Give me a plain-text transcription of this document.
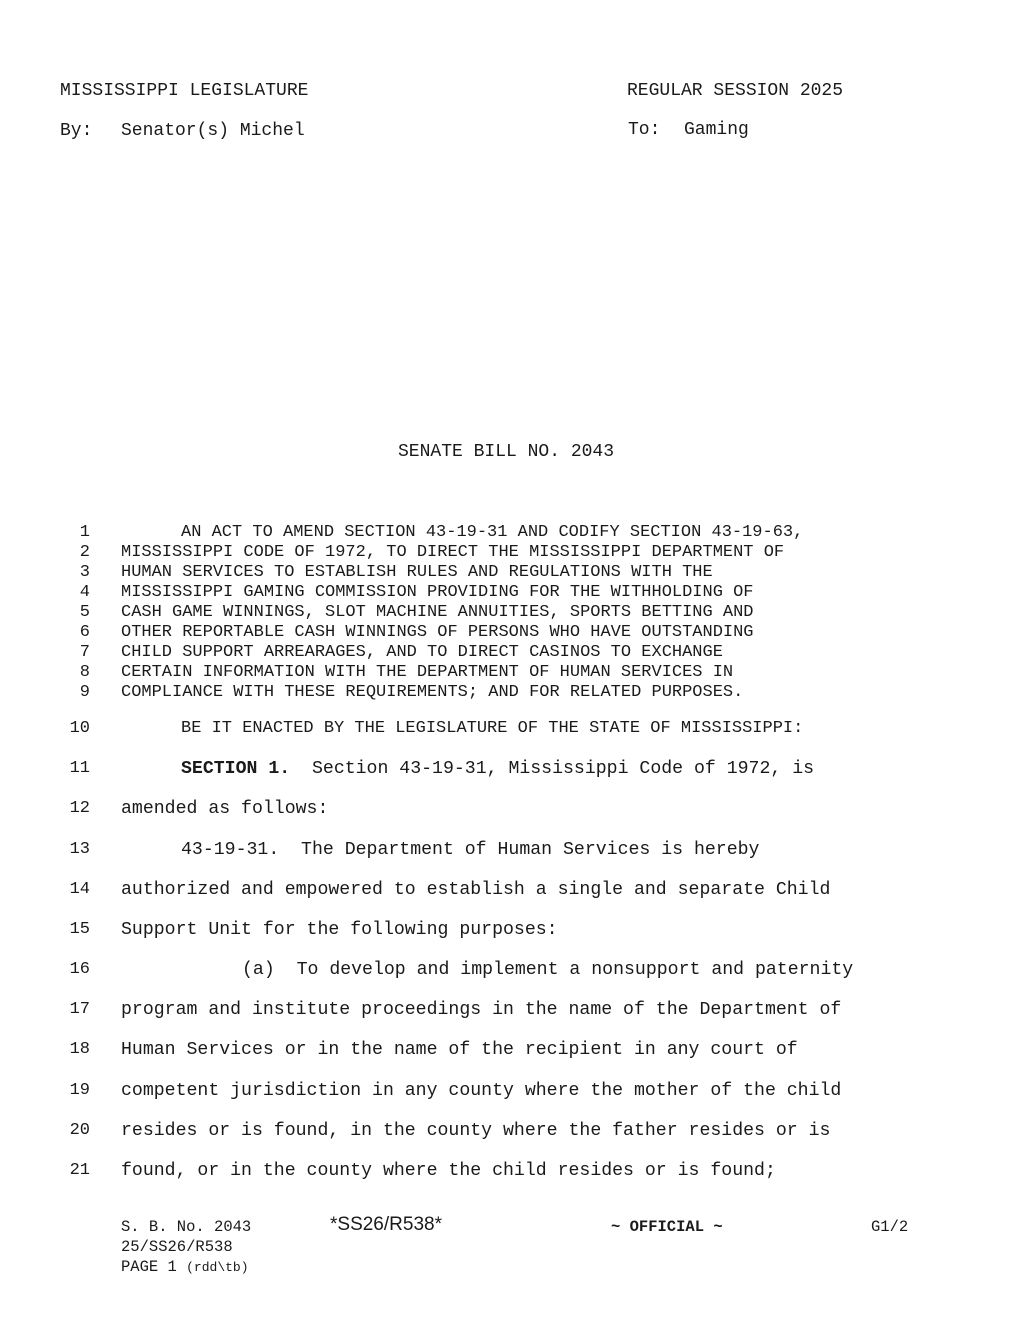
MISSISSIPPI LEGISLATURE	REGULAR SESSION 2025
By: Senator(s) Michel	To: Gaming
SENATE BILL NO. 2043
1	AN ACT TO AMEND SECTION 43-19-31 AND CODIFY SECTION 43-19-63,
2 MISSISSIPPI CODE OF 1972, TO DIRECT THE MISSISSIPPI DEPARTMENT OF
3 HUMAN SERVICES TO ESTABLISH RULES AND REGULATIONS WITH THE
4 MISSISSIPPI GAMING COMMISSION PROVIDING FOR THE WITHHOLDING OF
5 CASH GAME WINNINGS, SLOT MACHINE ANNUITIES, SPORTS BETTING AND
6 OTHER REPORTABLE CASH WINNINGS OF PERSONS WHO HAVE OUTSTANDING
7 CHILD SUPPORT ARREARAGES, AND TO DIRECT CASINOS TO EXCHANGE
8 CERTAIN INFORMATION WITH THE DEPARTMENT OF HUMAN SERVICES IN
9 COMPLIANCE WITH THESE REQUIREMENTS; AND FOR RELATED PURPOSES.
10	BE IT ENACTED BY THE LEGISLATURE OF THE STATE OF MISSISSIPPI:
11	SECTION 1.  Section 43-19-31, Mississippi Code of 1972, is
12 amended as follows:
13	43-19-31.  The Department of Human Services is hereby
14 authorized and empowered to establish a single and separate Child
15 Support Unit for the following purposes:
16	(a)  To develop and implement a nonsupport and paternity
17 program and institute proceedings in the name of the Department of
18 Human Services or in the name of the recipient in any court of
19 competent jurisdiction in any county where the mother of the child
20 resides or is found, in the county where the father resides or is
21 found, or in the county where the child resides or is found;
S. B. No. 2043	*SS26/R538*	~ OFFICIAL ~	G1/2
25/SS26/R538
PAGE 1 (rdd\tb)
